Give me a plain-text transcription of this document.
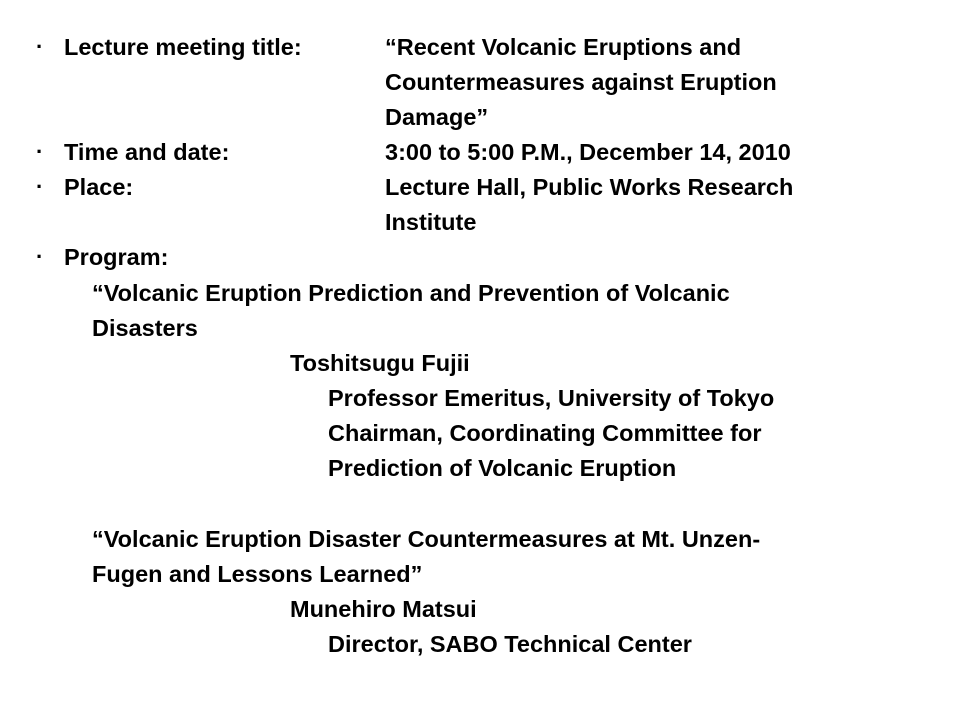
· Lecture meeting title:	“Recent Volcanic Eruptions and
Countermeasures against Eruption
Damage”
· Time and date:	3:00 to 5:00 P.M., December 14, 2010
· Place:	Lecture Hall, Public Works Research
Institute
· Program:
“Volcanic Eruption Prediction and Prevention of Volcanic
Disasters
Toshitsugu Fujii
Professor Emeritus, University of Tokyo
Chairman, Coordinating Committee for
Prediction of Volcanic Eruption
“Volcanic Eruption Disaster Countermeasures at Mt. Unzen-
Fugen and Lessons Learned”
Munehiro Matsui
Director, SABO Technical Center
